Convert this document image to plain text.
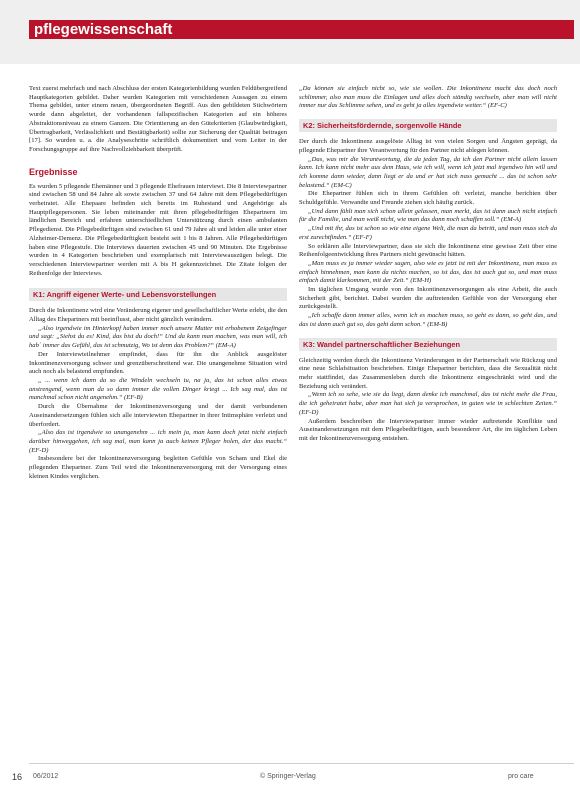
pflegewissenschaft

Text zuerst mehrfach und nach Abschluss der ersten Kategorienbildung wurden Feldübergreifend Hauptkategorien gebildet. Daher wurden Kategorien mit verschiedenen Aussagen zu einem Thema gebildet, unter einem neuen, übergeordneten Begriff. Aus den gebildeten Stichwörtern wurde dann abgeleitet, der vorhandenen fallspezifischen Kategorien auf ein höheres Abstraktionsniveau zu einem Ganzen. Die Orientierung an den Gütekriterien (Glaubwürdigkeit, Übertragbarkeit, Verlässlichkeit und Bestätigbarkeit) sollte zur Sicherung der Qualität beitragen [17]. So wurden u. a. die Analyseschritte schriftlich dokumentiert und vom Leiter in der Forschungsgruppe auf ihre Nachvollziehbarkeit überprüft.

Ergebnisse

Es wurden 5 pflegende Ehemänner und 3 pflegende Ehefrauen interviewt. Die 8 Interviewpartner sind zwischen 58 und 84 Jahre alt sowie zwischen 37 und 64 Jahre mit dem Pflegebedürftigen verheiratet. Alle Ehepaare befinden sich bereits im Ruhestand und Angehörige als Hauptpflegepersonen. Sie leben miteinander mit ihren pflegebedürftigen Ehepartnern im ländlichen Bereich und erfahren unterschiedlichen Unterstützung durch einen ambulanten Pflegedienst. Die Pflegebedürftigen sind zwischen 61 und 79 Jahre alt und leiden alle unter einer Alzheimer-Demenz. Die Pflegebedürftigkeit besteht seit 1 bis 8 Jahren. Alle Pflegebedürftigen haben eine Pflegestufe. Die Interviews dauerten zwischen 45 und 90 Minuten. Die Ergebnisse wurden in 4 Kategorien beschrieben und exemplarisch mit Interviewauszügen belegt. Die verschiedenen Interviewpartner werden mit A bis H gekennzeichnet. Die Zitate folgen der Reihenfolge der Interviews.

K1: Angriff eigener Werte- und Lebensvorstellungen

Durch die Inkontinenz wird eine Veränderung eigener und gesellschaftlicher Werte erlebt, die den Alltag des Ehepartners mit beeinflusst, aber nicht gänzlich verändern.

„Also irgendwie im Hinterkopf haben immer noch unsere Mutter mit erhobenem Zeigefinger und sagt: „Siehst du es! Kind, das bist du doch!“ Und da kann man machen, was man will, ich hab´ immer das Gefühl, das ist schmutzig, Wo ist denn das Problem?“ (EM-A)

Der Interviewteilnehmer empfindet, dass für ihn die Anblick ausgelöster Inkontinenzversorgung schwer und grenzüberschreitend war. Die unangenehme Situation wird auch noch als belastend empfunden.

„ ... wenn ich dann da so die Windeln wechseln tu, na ja, das ist schon alles etwas anstrengend, wenn man da so dann immer die vollen Dinger kriegt ... Ich sag mal, das ist manchmal schon nicht angenehm.“ (EF-B)

Durch die Übernahme der Inkontinenzversorgung und der damit verbundenen Auseinandersetzungen fühlen sich alle interviewten Ehepartner in ihrer Intimsphäre verletzt und überfordert.

„Also das ist irgendwie so unangenehm ... ich mein ja, man kann doch jetzt nicht einfach darüber hinweggehen, ich sag mal, man kann ja auch keinen Pfleger holen, der das macht.“ (EF-D)

Insbesondere bei der Inkontinenzversorgung begleiten Gefühle von Scham und Ekel die pflegenden Ehepartner. Zum Teil wird die Inkontinenzversorgung mit der Versorgung eines kleinen Kindes verglichen.

„Da können sie einfach nicht so, wie sie wollen. Die Inkontinenz macht das doch noch schlimmer, also man muss die Einlagen und alles doch ständig wechseln, aber man will nicht immer nur das Schlimme sehen, und es geht ja alles irgendwie weiter.“ (EF-C)

K2: Sicherheitsfördernde, sorgenvolle Hände

Der durch die Inkontinenz ausgelöste Alltag ist von vielen Sorgen und Ängsten geprägt, da pflegende Ehepartner ihre Verantwortung für den Partner nicht ablegen können.

„Das, was mir die Verantwortung, die da jeden Tag, da ich den Partner nicht allein lassen kann. Ich kann nicht mehr aus dem Haus, wie ich will, wenn ich jetzt mal irgendwo hin will und ich komme dann wieder, dann liegt er da und er hat sich nass gemacht ... das ist schon sehr belastend.“ (EM-C)

Die Ehepartner fühlen sich in ihrem Gefühlen oft verletzt, manche berichten über Schuldgefühle. Verwandte und Freunde ziehen sich häufig zurück.

„Und dann fühlt man sich schon allein gelassen, man merkt, das ist dann auch nicht einfach für die Familie, und man weiß nicht, wie man das dann noch schaffen soll.“ (EM-A)

„Und mit ihr, das ist schon so wie eine eigene Welt, die man da betritt, und man muss sich da erst zurechtfinden.“ (EF-F)

So erklären alle Interviewpartner, dass sie sich die Inkontinenz eine gewisse Zeit über eine Reihenfolgeentwicklung ihres Partners nicht gewünscht hätten.

„Man muss es ja immer wieder sagen, also wie es jetzt ist mit der Inkontinenz, man muss es einfach hinnehmen, man kann da nichts machen, so ist das, das ist auch gut so, und man muss einfach damit klarkommen, mit der Zeit.“ (EM-H)

Im täglichen Umgang wurde von den Inkontinenzversorgungen als eine Arbeit, die auch Sicherheit gibt, berichtet. Dabei wurden die auftretenden Gefühle von der Versorgung eher zurückgestellt.

„Ich schaffe dann immer alles, wenn ich es machen muss, so geht es dann, so geht das, und das ist dann auch gut so, das geht dann schon.“ (EM-B)

K3: Wandel partnerschaftlicher Beziehungen

Gleichzeitig werden durch die Inkontinenz Veränderungen in der Partnerschaft wie Rückzug und eine neue Schlafsituation beschrieben. Einige Ehepartner berichten, dass die Sexualität nicht mehr stattfindet, das Zusammenleben durch die Inkontinenz eingeschränkt wird und die Beziehung sich verändert.

„Wenn ich so sehe, wie sie da liegt, dann denke ich manchmal, das ist nicht mehr die Frau, die ich geheiratet habe, aber man hat sich ja versprochen, in guten wie in schlechten Zeiten.“ (EF-D)

Außerdem beschreiben die Interviewpartner immer wieder auftretende Konflikte und Auseinandersetzungen mit dem Pflegebedürftigen, auch besonderer Art, die im täglichen Leben mit der Inkontinenzversorgung entstehen.

16 06/2012	© Springer-Verlag	pro care
